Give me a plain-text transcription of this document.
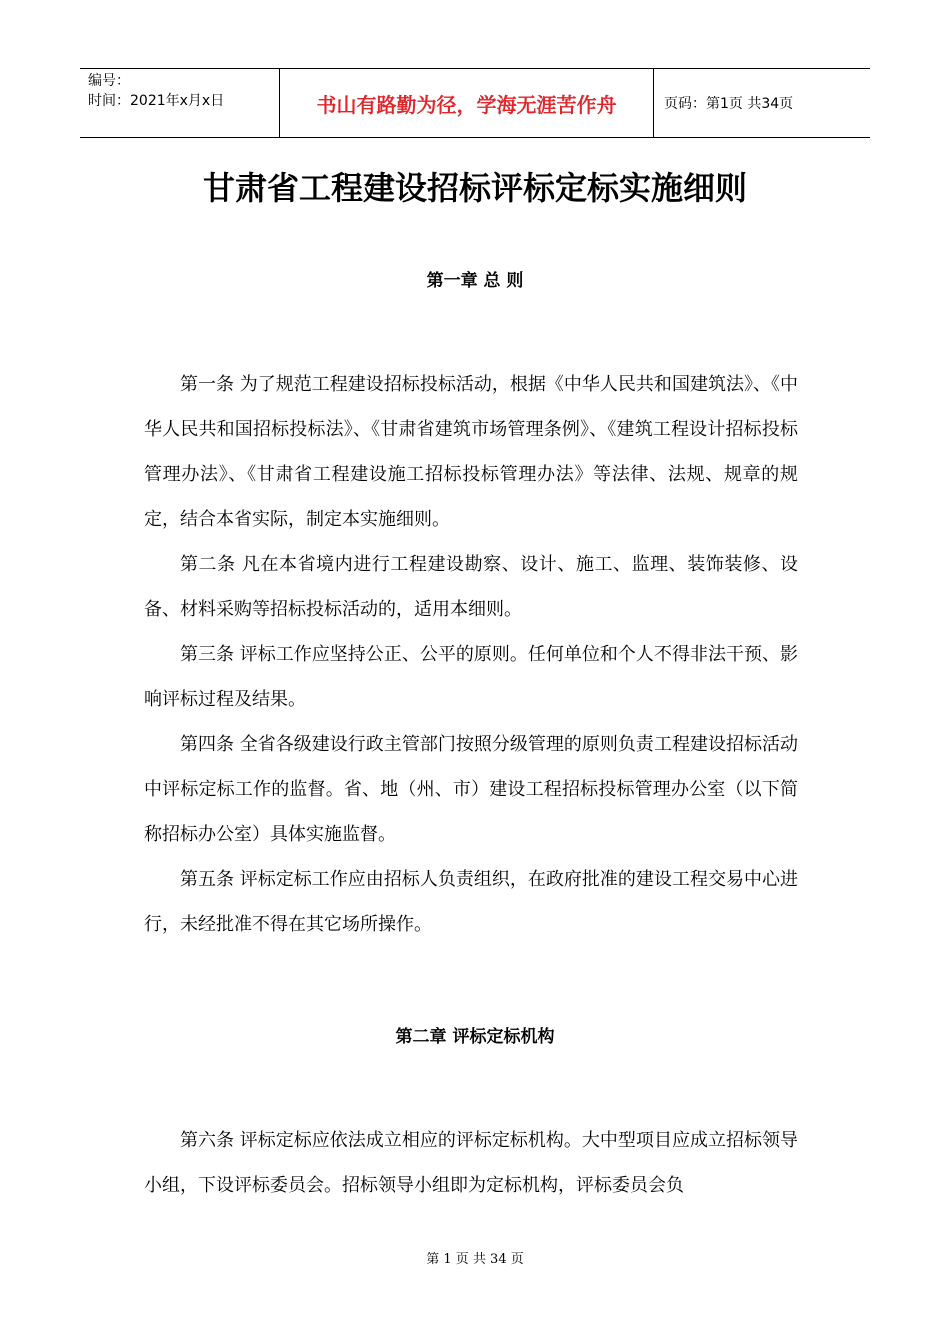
编号：
时间：2021年x月x日	书山有路勤为径，学海无涯苦作舟	页码：第1页 共34页
甘肃省工程建设招标评标定标实施细则
第一章 总 则
第一条 为了规范工程建设招标投标活动，根据《中华人民共和国建筑法》、《中华人民共和国招标投标法》、《甘肃省建筑市场管理条例》、《建筑工程设计招标投标管理办法》、《甘肃省工程建设施工招标投标管理办法》等法律、法规、规章的规定，结合本省实际，制定本实施细则。
第二条 凡在本省境内进行工程建设勘察、设计、施工、监理、装饰装修、设备、材料采购等招标投标活动的，适用本细则。
第三条 评标工作应坚持公正、公平的原则。任何单位和个人不得非法干预、影响评标过程及结果。
第四条 全省各级建设行政主管部门按照分级管理的原则负责工程建设招标活动中评标定标工作的监督。省、地（州、市）建设工程招标投标管理办公室（以下简称招标办公室）具体实施监督。
第五条 评标定标工作应由招标人负责组织，在政府批准的建设工程交易中心进行，未经批准不得在其它场所操作。
第二章 评标定标机构
第六条 评标定标应依法成立相应的评标定标机构。大中型项目应成立招标领导小组，下设评标委员会。招标领导小组即为定标机构，评标委员会负
第 1 页 共 34 页
